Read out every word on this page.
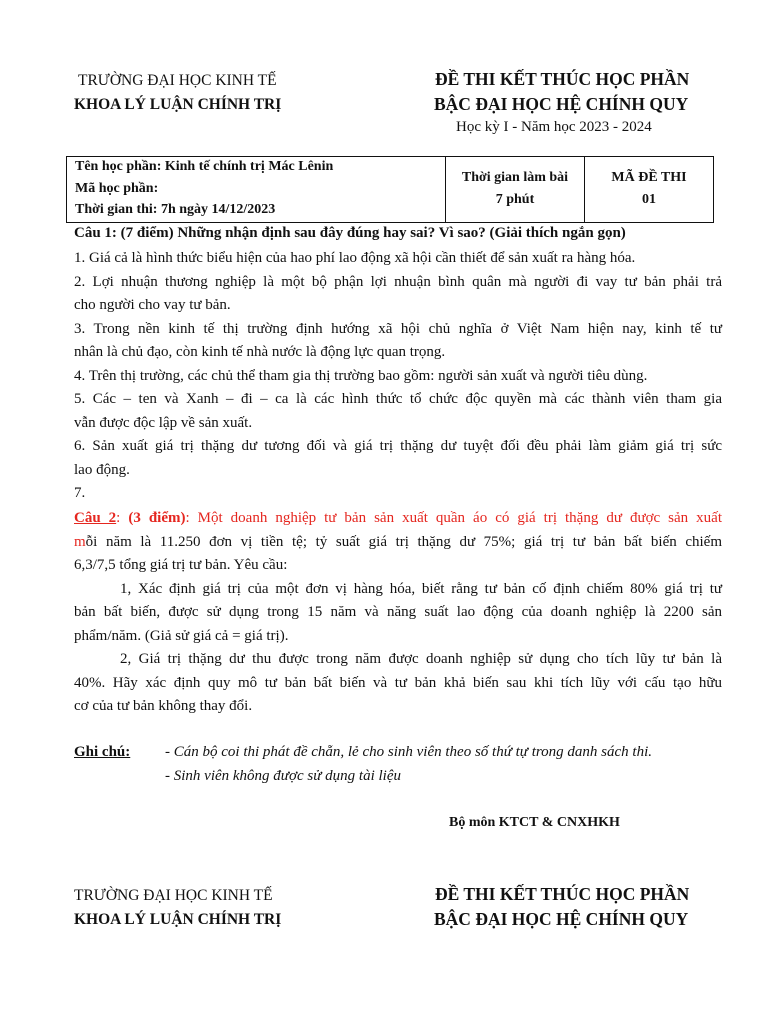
TRƯỜNG ĐẠI HỌC KINH TẾ
KHOA LÝ LUẬN CHÍNH TRỊ
ĐỀ THI KẾT THÚC HỌC PHẦN
BẬC ĐẠI HỌC HỆ CHÍNH QUY
Học kỳ I - Năm học 2023 - 2024
Tên học phần: Kinh tế chính trị Mác Lênin
Mã học phần:
Thời gian thi: 7h ngày 14/12/2023
Thời gian làm bài
7 phút
MÃ ĐỀ THI
01
Câu 1: (7 điểm) Những nhận định sau đây đúng hay sai? Vì sao? (Giải thích ngắn gọn)
1. Giá cả là hình thức biểu hiện của hao phí lao động xã hội cần thiết để sản xuất ra hàng hóa.
2. Lợi nhuận thương nghiệp là một bộ phận lợi nhuận bình quân mà người đi vay tư bản phải trả
cho người cho vay tư bản.
3. Trong nền kinh tế thị trường định hướng xã hội chủ nghĩa ở Việt Nam hiện nay, kinh tế tư
nhân là chủ đạo, còn kinh tế nhà nước là động lực quan trọng.
4. Trên thị trường, các chủ thể tham gia thị trường bao gồm: người sản xuất và người tiêu dùng.
5. Các – ten và Xanh – đi – ca là các hình thức tổ chức độc quyền mà các thành viên tham gia
vẫn được độc lập về sản xuất.
6. Sản xuất giá trị thặng dư tương đối và giá trị thặng dư tuyệt đối đều phải làm giảm giá trị sức
lao động.
7.
Câu 2: (3 điểm): Một doanh nghiệp tư bản sản xuất quần áo có giá trị thặng dư được sản xuất
mỗi năm là 11.250 đơn vị tiền tệ; tỷ suất giá trị thặng dư 75%; giá trị tư bản bất biến chiếm
6,3/7,5 tổng giá trị tư bản. Yêu cầu:
1, Xác định giá trị của một đơn vị hàng hóa, biết rằng tư bản cố định chiếm 80% giá trị tư
bản bất biến, được sử dụng trong 15 năm và năng suất lao động của doanh nghiệp là 2200 sản
phẩm/năm. (Giả sử giá cả = giá trị).
2, Giá trị thặng dư thu được trong năm được doanh nghiệp sử dụng cho tích lũy tư bản là
40%. Hãy xác định quy mô tư bản bất biến và tư bản khả biến sau khi tích lũy với cấu tạo hữu
cơ của tư bản không thay đổi.
Ghi chú: - Cán bộ coi thi phát đề chẵn, lẻ cho sinh viên theo số thứ tự trong danh sách thi.
- Sinh viên không được sử dụng tài liệu
Bộ môn KTCT & CNXHKH
TRƯỜNG ĐẠI HỌC KINH TẾ
KHOA LÝ LUẬN CHÍNH TRỊ
ĐỀ THI KẾT THÚC HỌC PHẦN
BẬC ĐẠI HỌC HỆ CHÍNH QUY
